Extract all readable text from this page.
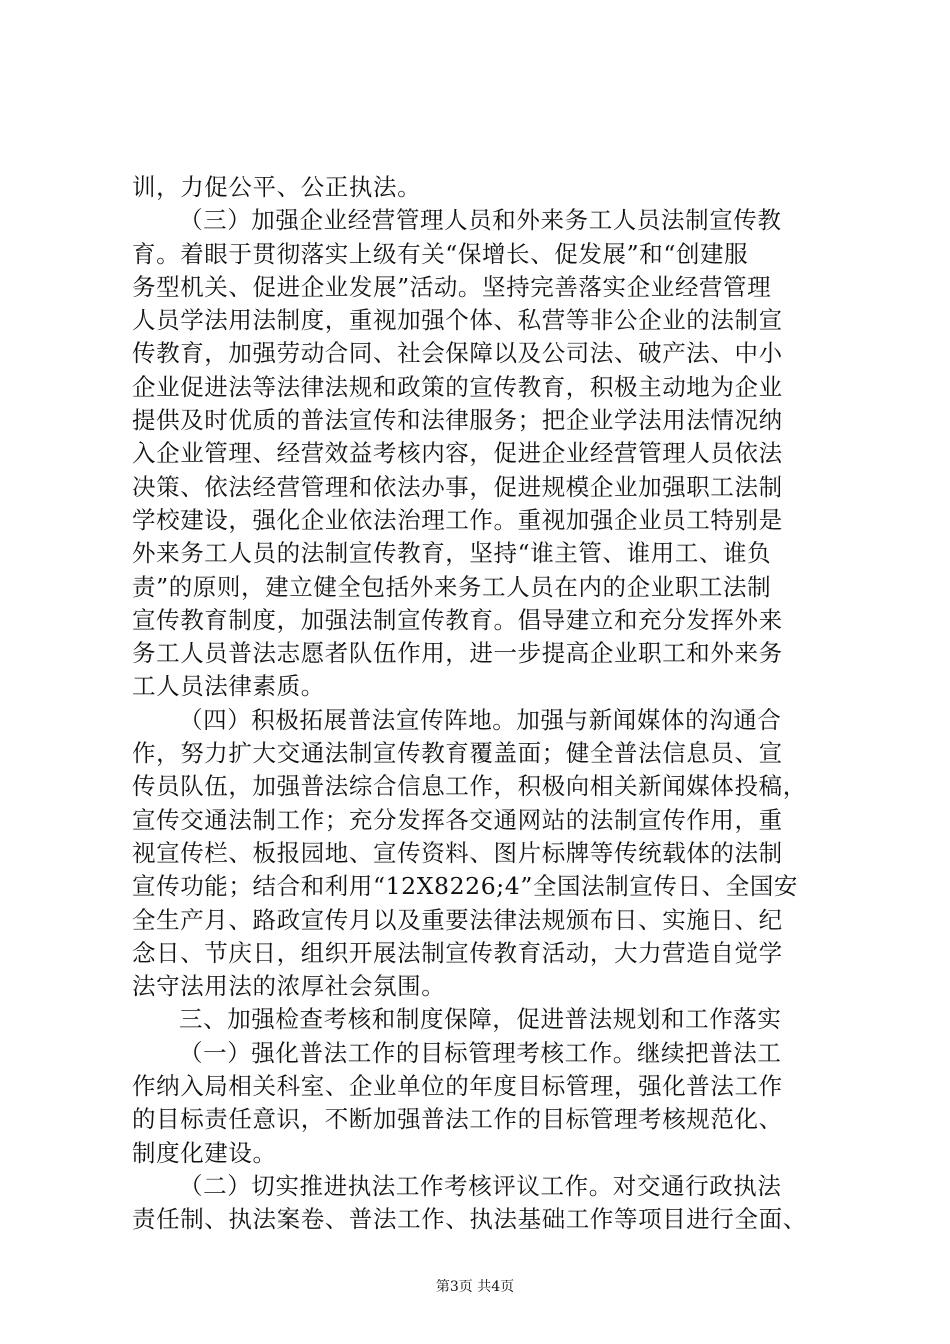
训，力促公平、公正执法。
（三）加强企业经营管理人员和外来务工人员法制宣传教
育。着眼于贯彻落实上级有关“保增长、促发展”和“创建服
务型机关、促进企业发展”活动。坚持完善落实企业经营管理
人员学法用法制度，重视加强个体、私营等非公企业的法制宣
传教育，加强劳动合同、社会保障以及公司法、破产法、中小
企业促进法等法律法规和政策的宣传教育，积极主动地为企业
提供及时优质的普法宣传和法律服务；把企业学法用法情况纳
入企业管理、经营效益考核内容，促进企业经营管理人员依法
决策、依法经营管理和依法办事，促进规模企业加强职工法制
学校建设，强化企业依法治理工作。重视加强企业员工特别是
外来务工人员的法制宣传教育，坚持“谁主管、谁用工、谁负
责”的原则，建立健全包括外来务工人员在内的企业职工法制
宣传教育制度，加强法制宣传教育。倡导建立和充分发挥外来
务工人员普法志愿者队伍作用，进一步提高企业职工和外来务
工人员法律素质。
（四）积极拓展普法宣传阵地。加强与新闻媒体的沟通合
作，努力扩大交通法制宣传教育覆盖面；健全普法信息员、宣
传员队伍，加强普法综合信息工作，积极向相关新闻媒体投稿，
宣传交通法制工作；充分发挥各交通网站的法制宣传作用，重
视宣传栏、板报园地、宣传资料、图片标牌等传统载体的法制
宣传功能；结合和利用“12X8226;4”全国法制宣传日、全国安
全生产月、路政宣传月以及重要法律法规颁布日、实施日、纪
念日、节庆日，组织开展法制宣传教育活动，大力营造自觉学
法守法用法的浓厚社会氛围。
三、加强检查考核和制度保障，促进普法规划和工作落实
（一）强化普法工作的目标管理考核工作。继续把普法工
作纳入局相关科室、企业单位的年度目标管理，强化普法工作
的目标责任意识，不断加强普法工作的目标管理考核规范化、
制度化建设。
（二）切实推进执法工作考核评议工作。对交通行政执法
责任制、执法案卷、普法工作、执法基础工作等项目进行全面、
第3页 共4页
